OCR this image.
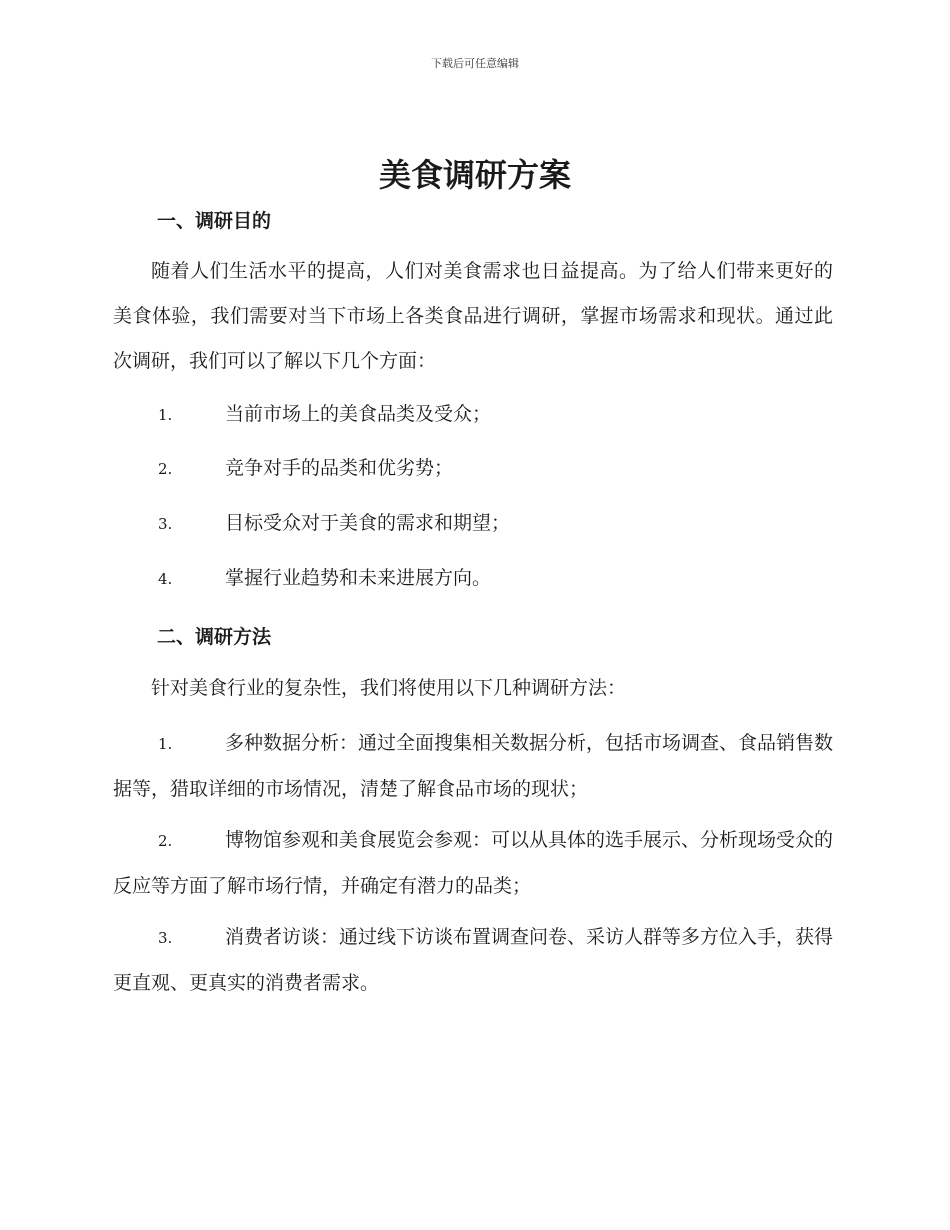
下载后可任意编辑
美食调研方案
一、调研目的

随着人们生活水平的提高，人们对美食需求也日益提高。为了给人们带来更好的美食体验，我们需要对当下市场上各类食品进行调研，掌握市场需求和现状。通过此次调研，我们可以了解以下几个方面：

1.	当前市场上的美食品类及受众；

2.	竞争对手的品类和优劣势；

3.	目标受众对于美食的需求和期望；

4.	掌握行业趋势和未来进展方向。

二、调研方法

针对美食行业的复杂性，我们将使用以下几种调研方法：

1.	多种数据分析：通过全面搜集相关数据分析，包括市场调查、食品销售数据等，猎取详细的市场情况，清楚了解食品市场的现状；

2.	博物馆参观和美食展览会参观：可以从具体的选手展示、分析现场受众的反应等方面了解市场行情，并确定有潜力的品类；

3.	消费者访谈：通过线下访谈布置调查问卷、采访人群等多方位入手，获得更直观、更真实的消费者需求。
